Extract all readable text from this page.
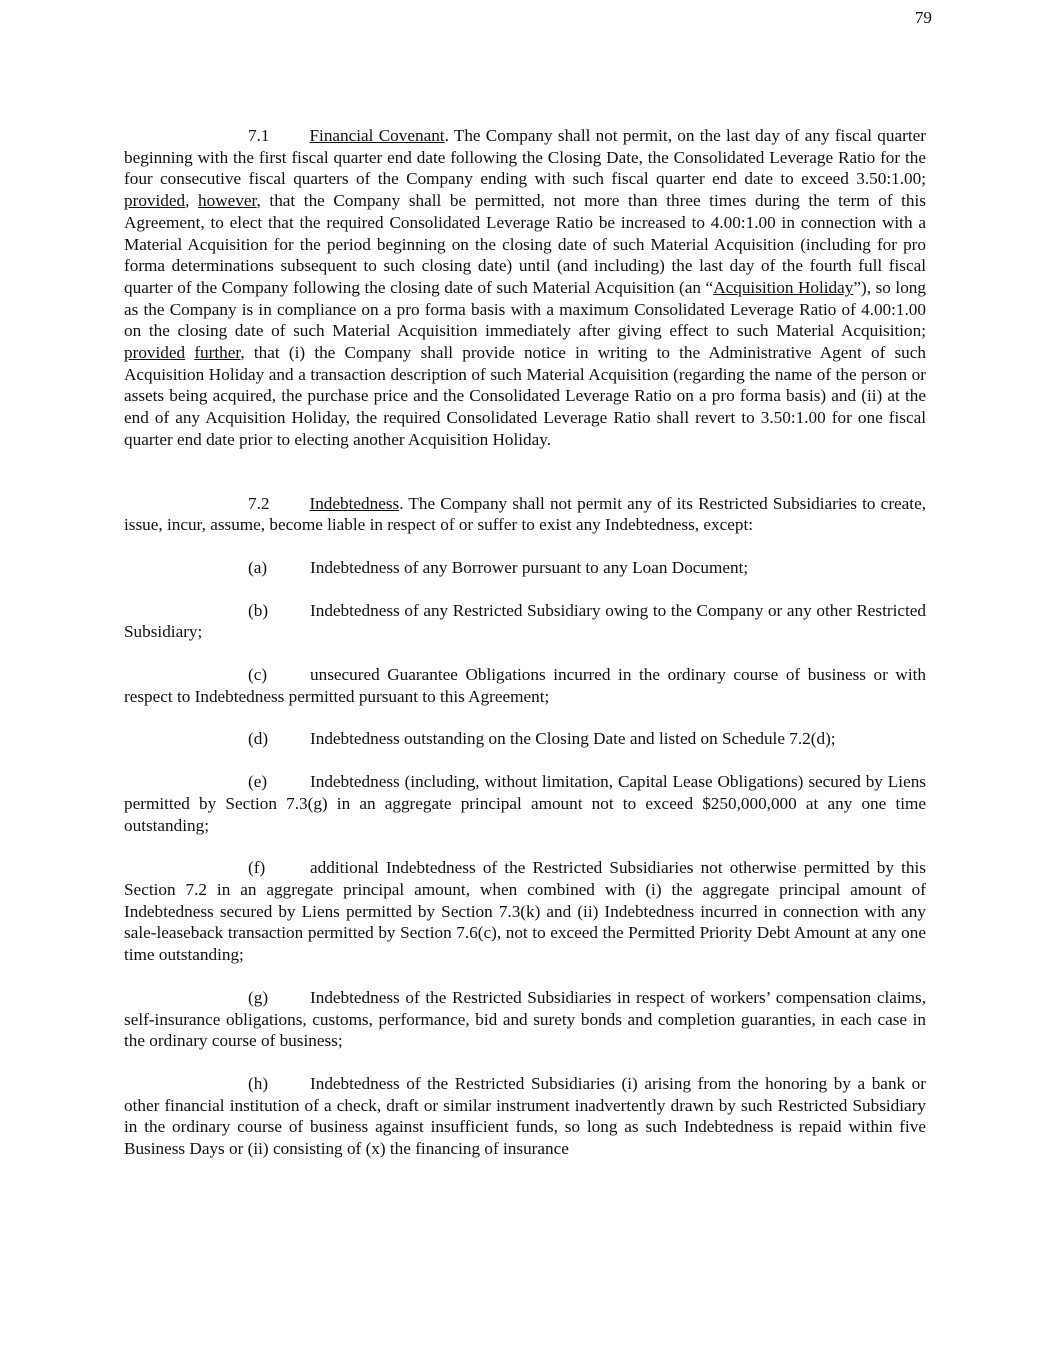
79

7.1 Financial Covenant. The Company shall not permit, on the last day of any fiscal quarter beginning with the first fiscal quarter end date following the Closing Date, the Consolidated Leverage Ratio for the four consecutive fiscal quarters of the Company ending with such fiscal quarter end date to exceed 3.50:1.00; provided, however, that the Company shall be permitted, not more than three times during the term of this Agreement, to elect that the required Consolidated Leverage Ratio be increased to 4.00:1.00 in connection with a Material Acquisition for the period beginning on the closing date of such Material Acquisition (including for pro forma determinations subsequent to such closing date) until (and including) the last day of the fourth full fiscal quarter of the Company following the closing date of such Material Acquisition (an “Acquisition Holiday”), so long as the Company is in compliance on a pro forma basis with a maximum Consolidated Leverage Ratio of 4.00:1.00 on the closing date of such Material Acquisition immediately after giving effect to such Material Acquisition; provided further, that (i) the Company shall provide notice in writing to the Administrative Agent of such Acquisition Holiday and a transaction description of such Material Acquisition (regarding the name of the person or assets being acquired, the purchase price and the Consolidated Leverage Ratio on a pro forma basis) and (ii) at the end of any Acquisition Holiday, the required Consolidated Leverage Ratio shall revert to 3.50:1.00 for one fiscal quarter end date prior to electing another Acquisition Holiday.

7.2 Indebtedness. The Company shall not permit any of its Restricted Subsidiaries to create, issue, incur, assume, become liable in respect of or suffer to exist any Indebtedness, except:

(a) Indebtedness of any Borrower pursuant to any Loan Document;

(b) Indebtedness of any Restricted Subsidiary owing to the Company or any other Restricted Subsidiary;

(c) unsecured Guarantee Obligations incurred in the ordinary course of business or with respect to Indebtedness permitted pursuant to this Agreement;

(d) Indebtedness outstanding on the Closing Date and listed on Schedule 7.2(d);

(e) Indebtedness (including, without limitation, Capital Lease Obligations) secured by Liens permitted by Section 7.3(g) in an aggregate principal amount not to exceed $250,000,000 at any one time outstanding;

(f)	additional Indebtedness of the Restricted Subsidiaries not otherwise permitted by this Section 7.2 in an aggregate principal amount, when combined with (i) the aggregate principal amount of Indebtedness secured by Liens permitted by Section 7.3(k) and (ii) Indebtedness incurred in connection with any sale-leaseback transaction permitted by Section 7.6(c), not to exceed the Permitted Priority Debt Amount at any one time outstanding;

(g) Indebtedness of the Restricted Subsidiaries in respect of workers’ compensation claims, self-insurance obligations, customs, performance, bid and surety bonds and completion guaranties, in each case in the ordinary course of business;

(h) Indebtedness of the Restricted Subsidiaries (i) arising from the honoring by a bank or other financial institution of a check, draft or similar instrument inadvertently drawn by such Restricted Subsidiary in the ordinary course of business against insufficient funds, so long as such Indebtedness is repaid within five Business Days or (ii) consisting of (x) the financing of insurance
